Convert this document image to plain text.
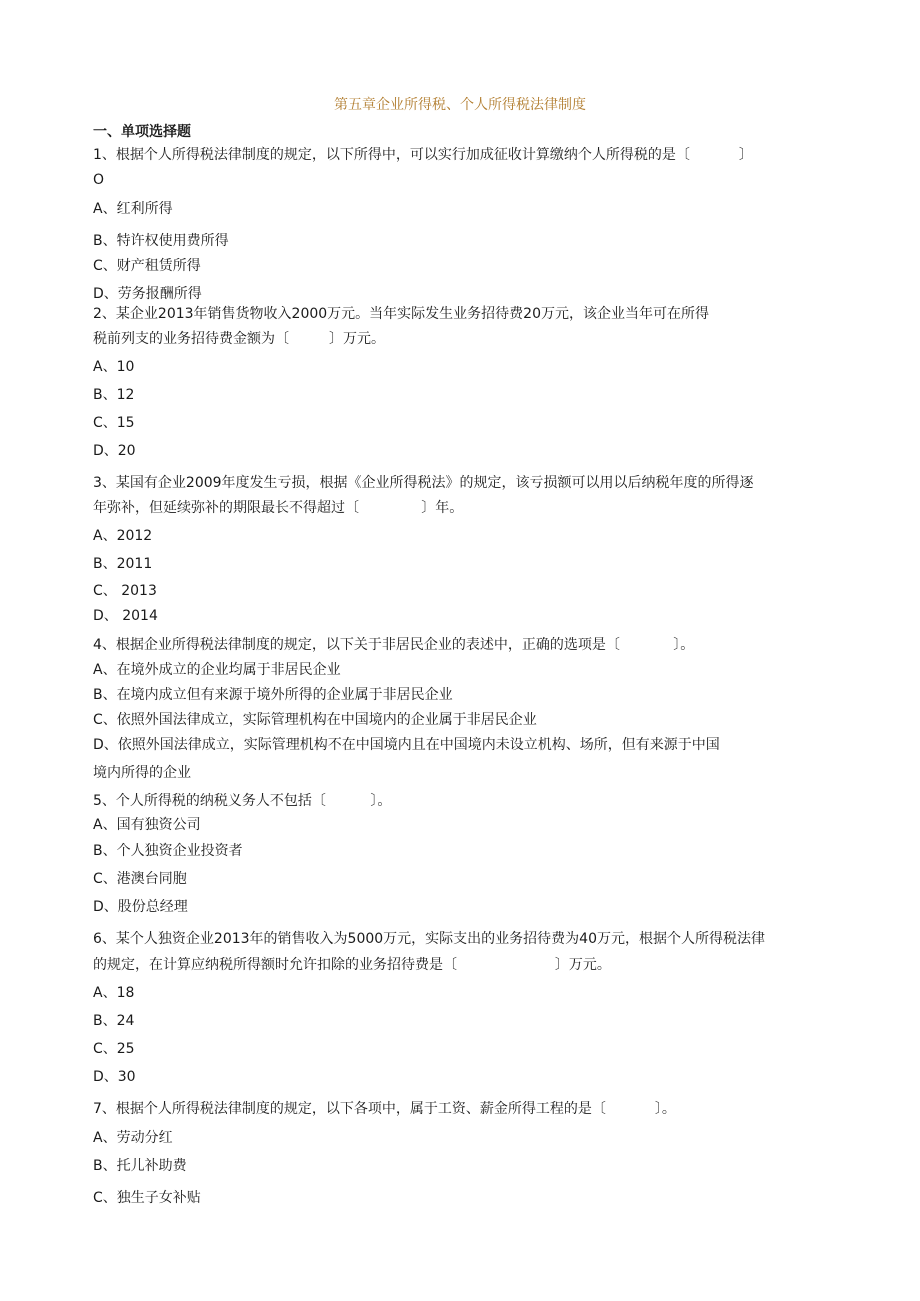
第五章企业所得税、个人所得税法律制度
一、单项选择题
1、根据个人所得税法律制度的规定，以下所得中，可以实行加成征收计算缴纳个人所得税的是〔           〕
O
A、红利所得
B、特许权使用费所得
C、财产租赁所得
D、劳务报酬所得
2、某企业2013年销售货物收入2000万元。当年实际发生业务招待费20万元，该企业当年可在所得
税前列支的业务招待费金额为〔         〕万元。
A、10
B、12
C、15
D、20
3、某国有企业2009年度发生亏损，根据《企业所得税法》的规定，该亏损额可以用以后纳税年度的所得逐
年弥补，但延续弥补的期限最长不得超过〔              〕年。
A、2012
B、2011
C、 2013
D、 2014
4、根据企业所得税法律制度的规定，以下关于非居民企业的表述中，正确的选项是〔            〕。
A、在境外成立的企业均属于非居民企业
B、在境内成立但有来源于境外所得的企业属于非居民企业
C、依照外国法律成立，实际管理机构在中国境内的企业属于非居民企业
D、依照外国法律成立，实际管理机构不在中国境内且在中国境内未设立机构、场所，但有来源于中国
境内所得的企业
5、个人所得税的纳税义务人不包括〔          〕。
A、国有独资公司
B、个人独资企业投资者
C、港澳台同胞
D、股份总经理
6、某个人独资企业2013年的销售收入为5000万元，实际支出的业务招待费为40万元，根据个人所得税法律
的规定，在计算应纳税所得额时允许扣除的业务招待费是〔                      〕万元。
A、18
B、24
C、25
D、30
7、根据个人所得税法律制度的规定，以下各项中，属于工资、薪金所得工程的是〔           〕。
A、劳动分红
B、托儿补助费
C、独生子女补贴
